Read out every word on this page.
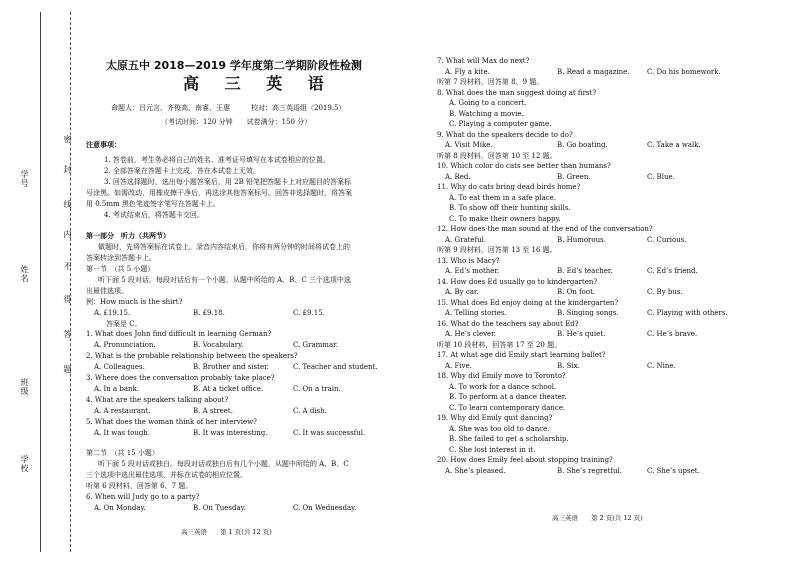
学号
姓名
班级
学校
密
封
线
内
不
得
答
题
太原五中 2018—2019 学年度第二学期阶段性检测
高 三 英 语
命题人：吕元言、齐俊高、南睿、王惠　　　校对：高三英语组（2019.5）
（考试时间：120 分钟　　试卷满分：150 分）
注意事项：
1. 答卷前，考生务必将自己的姓名、准考证号填写在本试卷相应的位置。
2. 全部答案在答题卡上完成，答在本试卷上无效。
3. 回答选择题时，选出每小题答案后，用 2B 铅笔把答题卡上对应题目的答案标
号涂黑。如需改动，用橡皮擦干净后，再选涂其他答案标号。回答非选择题时，将答案
用 0.5mm 黑色笔迹签字笔写在答题卡上。
4. 考试结束后，将答题卡交回。
第一部分　听力（共两节）
做题时，先将答案标在试卷上。录音内容结束后，你将有两分钟的时间将试卷上的
答案转涂到答题卡上。
第一节　（共 5 小题）
听下面 5 段对话。每段对话后有一个小题，从题中所给的 A、B、C 三个选项中选
出最佳选项。
例：How much is the shirt?
A. £19.15.	B. £9.18.	C. £9.15.
答案是 C。
1. What does John find difficult in learning German?
A. Pronunciation.	B. Vocabulary.	C. Grammar.
2. What is the probable relationship between the speakers?
A. Colleagues.	B. Brother and sister.	C. Teacher and student.
3. Where does the conversation probably take place?
A. In a bank.	B. At a ticket office.	C. On a train.
4. What are the speakers talking about?
A. A restaurant.	B. A street.	C. A dish.
5. What does the woman think of her interview?
A. It was tough.	B. It was interesting.	C. It was successful.
第二节　（共 15 小题）
听下面 5 段对话或独白。每段对话或独白后有几个小题，从题中所给的 A、B、C
三个选项中选出最佳选项，并标在试卷的相应位置。
听第 6 段材料，回答第 6、7 题。
6. When will Judy go to a party?
A. On Monday.	B. On Tuesday.	C. On Wednesday.
高三英语　　第 1 页(共 12 页)
7. What will Max do next?
A. Fly a kite.	B. Read a magazine. C. Do his homework.
听第 7 段材料，回答第 8、9 题。
8. What does the man suggest doing at first?
A. Going to a concert.
B. Watching a movie.
C. Playing a computer game.
9. What do the speakers decide to do?
A. Visit Mike.	B. Go boating.	C. Take a walk.
听第 8 段材料，回答第 10 至 12 题。
10. Which color do cats see better than humans?
A. Red.	B. Green.	C. Blue.
11. Why do cats bring dead birds home?
A. To eat them in a safe place.
B. To show off their hunting skills.
C. To make their owners happy.
12. How does the man sound at the end of the conversation?
A. Grateful.	B. Humorous.	C. Curious.
听第 9 段材料，回答第 13 至 16 题。
13. Who is Macy?
A. Ed’s mother.	B. Ed’s teacher.	C. Ed’s friend.
14. How does Ed usually go to kindergarten?
A. By car.	B. On foot.	C. By bus.
15. What does Ed enjoy doing at the kindergarten?
A. Telling stories.	B. Singing songs.	C. Playing with others.
16. What do the teachers say about Ed?
A. He’s clever.	B. He’s quiet.	C. He’s brave.
听第 10 段材料，回答第 17 至 20 题。
17. At what age did Emily start learning ballet?
A. Five.	B. Six.	C. Nine.
18. Why did Emily move to Toronto?
A. To work for a dance school.
B. To perform at a dance theater.
C. To learn contemporary dance.
19. Why did Emily quit dancing?
A. She was too old to dance.
B. She failed to get a scholarship.
C. She lost interest in it.
20. How does Emily feel about stopping training?
A. She’s pleased.	B. She’s regretful.	C. She’s upset.
高三英语　　第 2 页(共 12 页)
